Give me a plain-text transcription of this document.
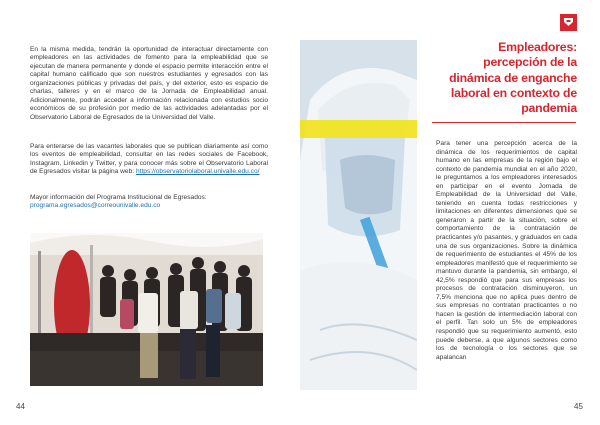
En la misma medida, tendrán la oportunidad de interactuar directamente con empleadores en las actividades de fomento para la empleabilidad que se ejecutan de manera permanente y donde el espacio permite interacción entre el capital humano calificado que son nuestros estudiantes y egresados con las organizaciones públicas y privadas del país, y del exterior, esto es espacio de charlas, talleres y en el marco de la Jornada de Empleabilidad anual. Adicionalmente, podrán acceder a información relacionada con estudios socio económicos de su profesión por medio de las actividades adelantadas por el Observatorio Laboral de Egresados de la Universidad del Valle.

Para enterarse de las vacantes laborales que se publican diariamente así como los eventos de empleabilidad, consultar en las redes sociales de Facebook, Instagram, Linkedin y Twitter, y para conocer más sobre el Observatorio Laboral de Egresados visitar la página web: https://observatoriolaboral.univalle.edu.co/

Mayor información del Programa Institucional de Egresados:
programa.egresados@correounivalle.edu.co

44
Empleadores: percepción de la dinámica de enganche laboral en contexto de pandemia

Para tener una percepción acerca de la dinámica de los requerimientos de capital humano en las empresas de la región bajo el contexto de pandemia mundial en el año 2020, le preguntamos a los empleadores interesados en participar en el evento Jornada de Empleabilidad de la Universidad del Valle, teniendo en cuenta todas restricciones y limitaciones en diferentes dimensiones que se generaron a partir de la situación, sobre el comportamiento de la contratación de practicantes y/o pasantes, y graduados en cada una de sus organizaciones. Sobre la dinámica de requerimiento de estudiantes el 45% de los empleadores manifestó que el requerimiento se mantuvo durante la pandemia, sin embargo, el 42,5% respondió que para sus empresas los procesos de contratación disminuyeron, un 7,5% menciona que no aplica pues dentro de sus empresas no contratan practicantes o no hacen la gestión de intermediación laboral con el perfil. Tan solo un 5% de empleadores respondió que su requerimiento aumentó, esto puede deberse, a que algunos sectores como los de tecnología o los sectores que se apalancan

45
